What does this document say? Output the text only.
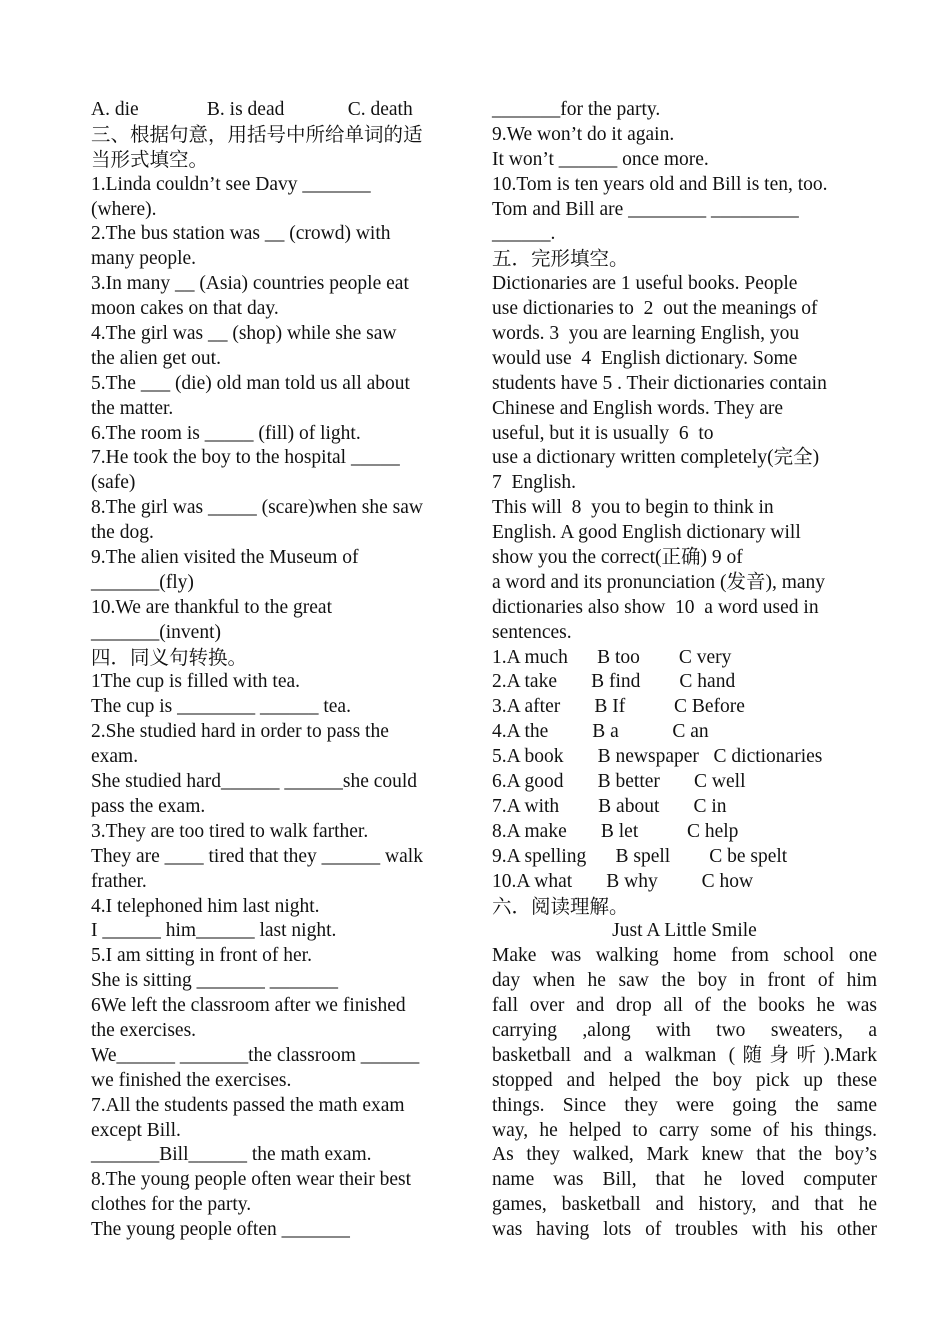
A. die              B. is dead             C. death
三、根据句意，用括号中所给单词的适
当形式填空。
1.Linda couldn’t see Davy _______
(where).
2.The bus station was __ (crowd) with
many people.
3.In many __ (Asia) countries people eat
moon cakes on that day.
4.The girl was __ (shop) while she saw
the alien get out.
5.The ___ (die) old man told us all about
the matter.
6.The room is _____ (fill) of light.
7.He took the boy to the hospital _____
(safe)
8.The girl was _____ (scare)when she saw
the dog.
9.The alien visited the Museum of
_______(fly)
10.We are thankful to the great
_______(invent)
四．同义句转换。
1The cup is filled with tea.
The cup is ________ ______ tea.
2.She studied hard in order to pass the
exam.
She studied hard______ ______she could
pass the exam.
3.They are too tired to walk farther.
They are ____ tired that they ______ walk
frather.
4.I telephoned him last night.
I ______ him______ last night.
5.I am sitting in front of her.
She is sitting _______ _______
6We left the classroom after we finished
the exercises.
We______ _______the classroom ______
we finished the exercises.
7.All the students passed the math exam
except Bill.
_______Bill______ the math exam.
8.The young people often wear their best
clothes for the party.
The young people often _______
_______for the party.
9.We won’t do it again.
It won’t ______ once more.
10.Tom is ten years old and Bill is ten, too.
Tom and Bill are ________ _________
______.
五．完形填空。
Dictionaries are 1 useful books. People
use dictionaries to  2  out the meanings of
words. 3  you are learning English, you
would use  4  English dictionary. Some
students have 5 . Their dictionaries contain
Chinese and English words. They are
useful, but it is usually  6  to
use a dictionary written completely(完全)
7  English.
This will  8  you to begin to think in
English. A good English dictionary will
show you the correct(正确) 9 of
a word and its pronunciation (发音), many
dictionaries also show  10  a word used in
sentences.
1.A much      B too        C very
2.A take       B find        C hand
3.A after       B If          C Before
4.A the         B a           C an
5.A book       B newspaper   C dictionaries
6.A good       B better       C well
7.A with        B about       C in
8.A make       B let          C help
9.A spelling      B spell        C be spelt
10.A what       B why         C how
六．阅读理解。
Just A Little Smile
Make was walking home from school one
day when he saw the boy in front of him
fall over and drop all of the books he was
carrying ,along with two sweaters, a
basketball and a walkman (随身听).Mark
stopped and helped the boy pick up these
things. Since they were going the same
way, he helped to carry some of his things.
As they walked, Mark knew that the boy’s
name was Bill, that he loved computer
games, basketball and history, and that he
was having lots of troubles with his other
